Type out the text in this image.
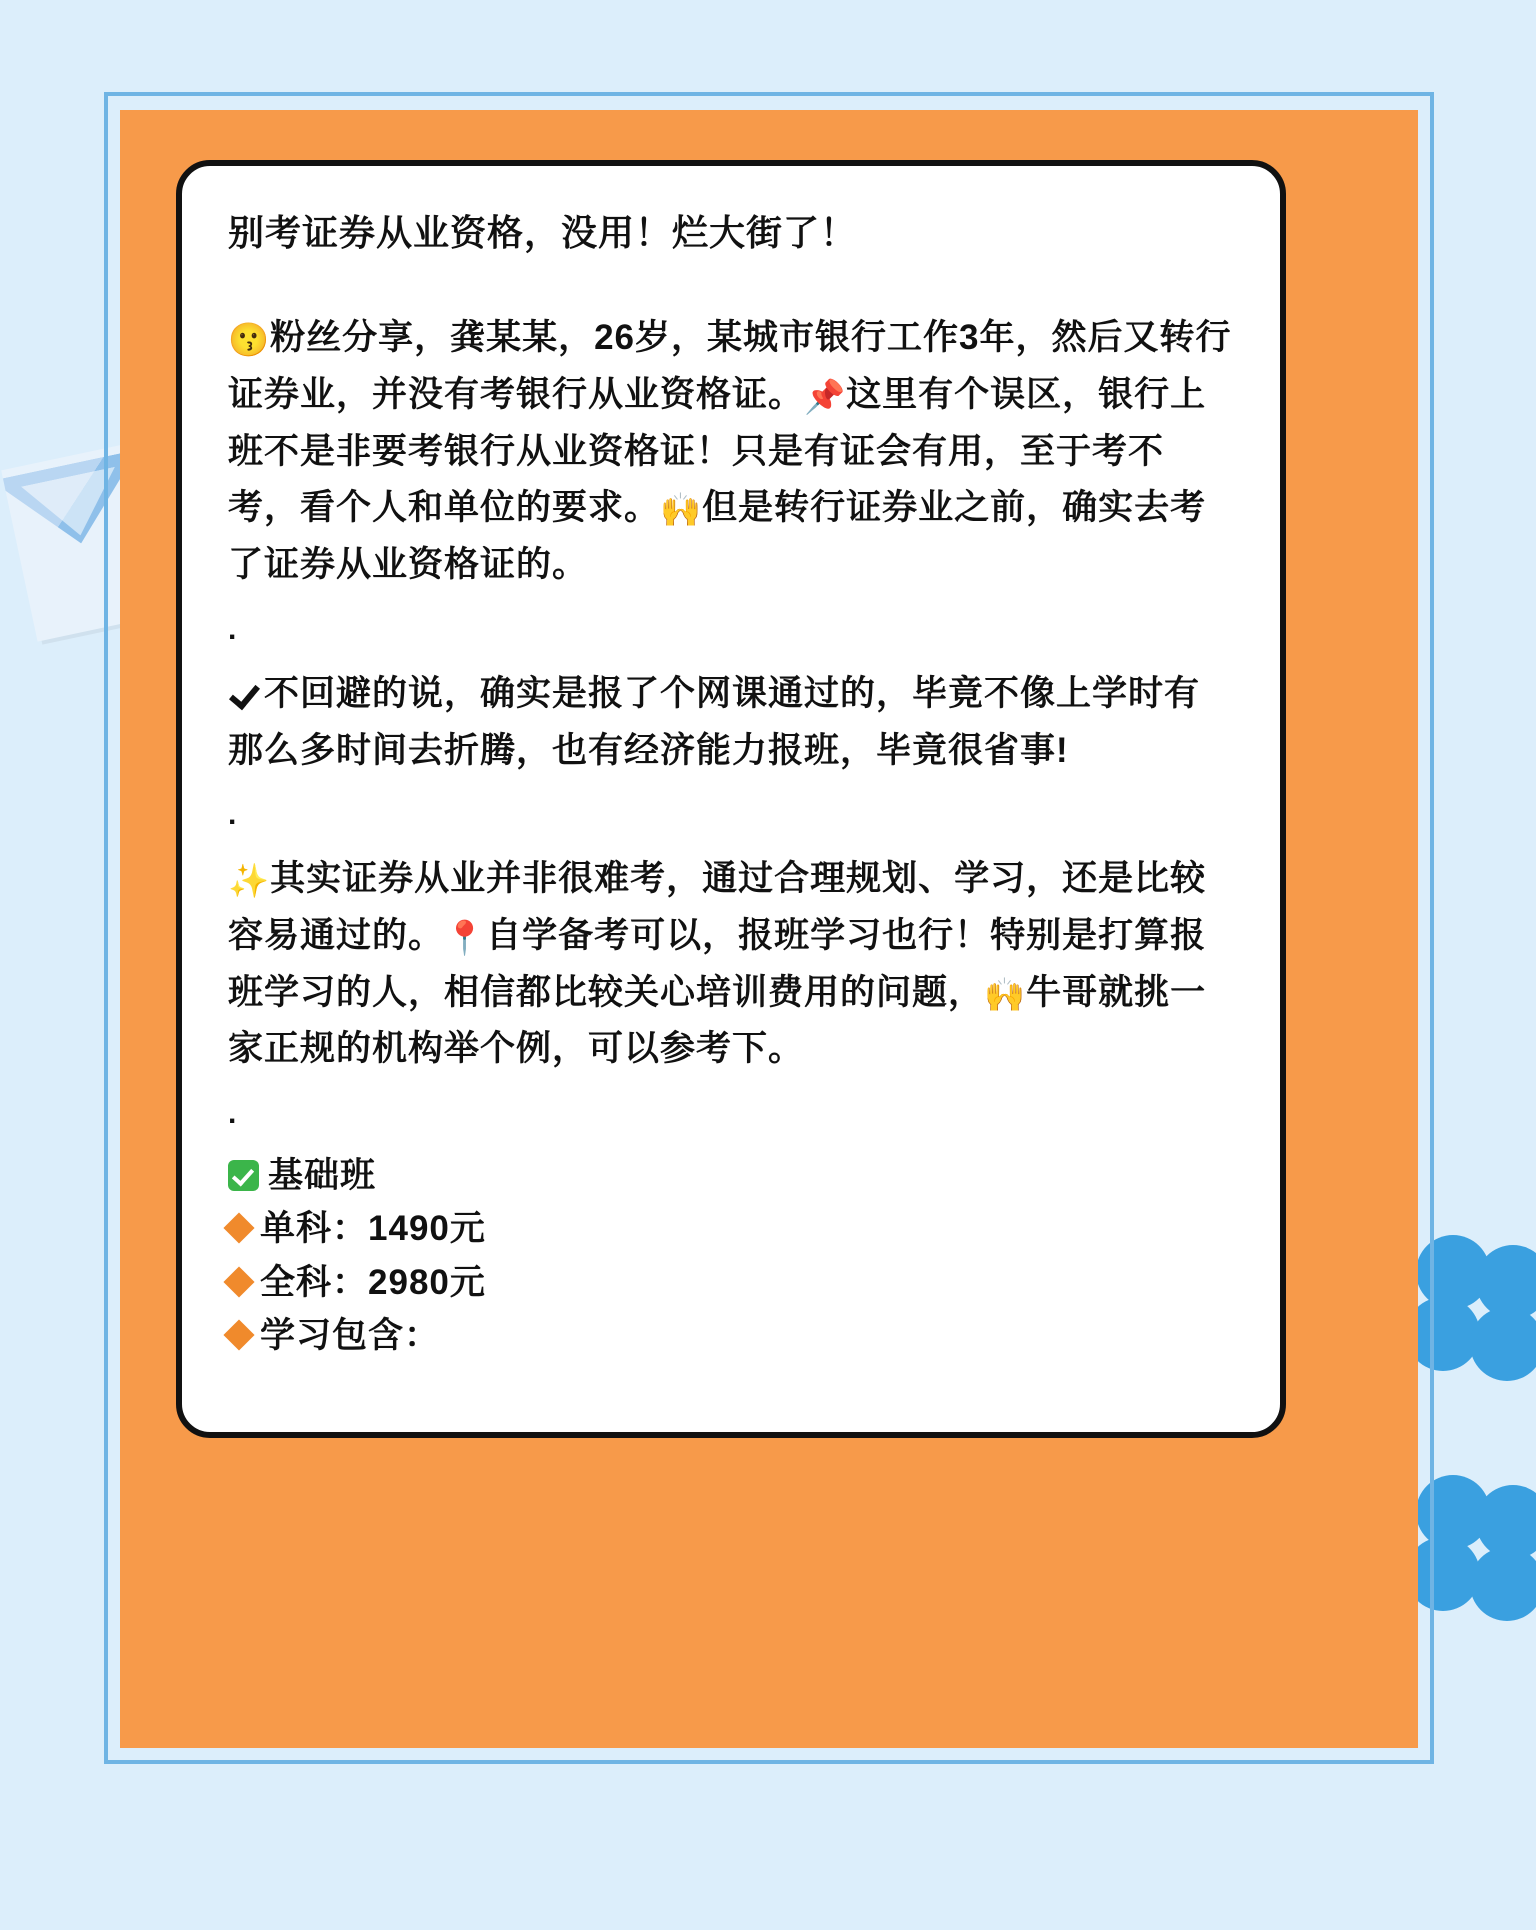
别考证券从业资格，没用！烂大街了！

😗粉丝分享，龚某某，26岁，某城市银行工作3年，然后又转行证券业，并没有考银行从业资格证。📌这里有个误区，银行上班不是非要考银行从业资格证！只是有证会有用，至于考不考，看个人和单位的要求。🙌但是转行证券业之前，确实去考了证券从业资格证的。

.

不回避的说，确实是报了个网课通过的，毕竟不像上学时有那么多时间去折腾，也有经济能力报班，毕竟很省事!

.

✨其实证券从业并非很难考，通过合理规划、学习，还是比较容易通过的。📍自学备考可以，报班学习也行！特别是打算报班学习的人，相信都比较关心培训费用的问题，🙌牛哥就挑一家正规的机构举个例，可以参考下。

.

基础班

单科：1490元

全科：2980元

学习包含：
